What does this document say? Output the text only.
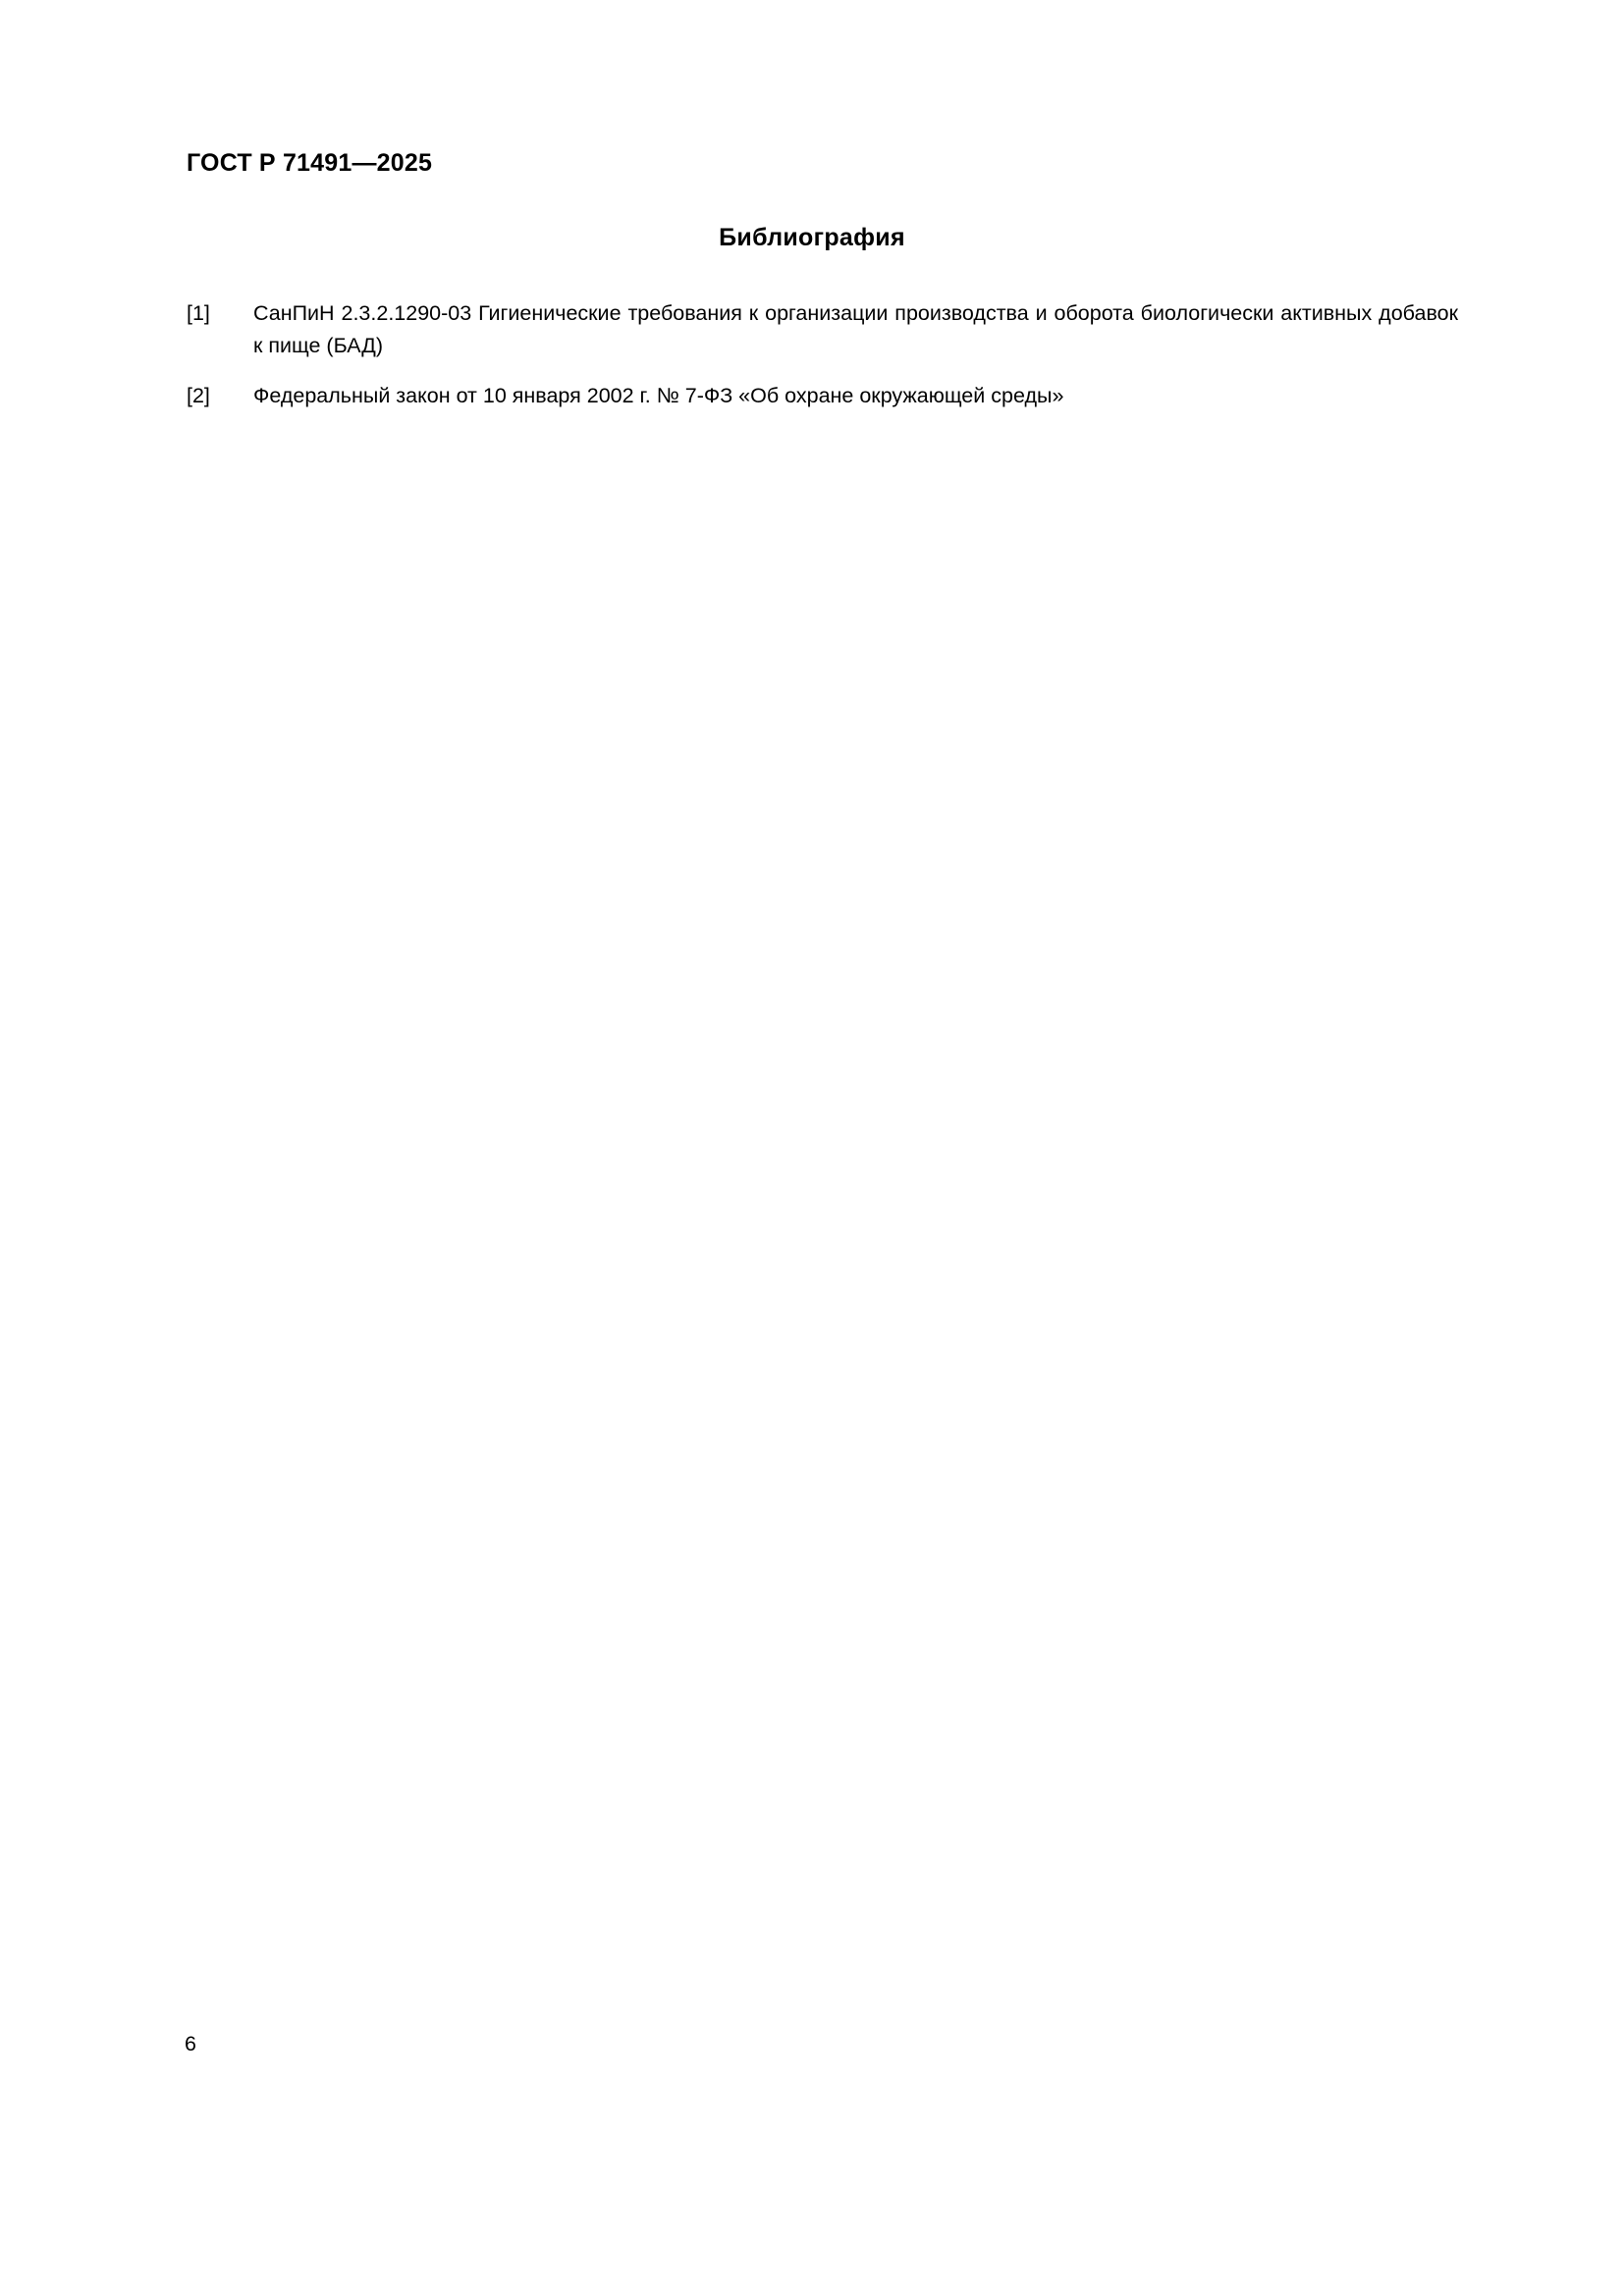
ГОСТ Р 71491—2025
Библиография
[1]	СанПиН 2.3.2.1290-03 Гигиенические требования к организации производства и оборота биологически активных добавок к пище (БАД)
[2]	Федеральный закон от 10 января 2002 г. № 7-ФЗ «Об охране окружающей среды»
6
